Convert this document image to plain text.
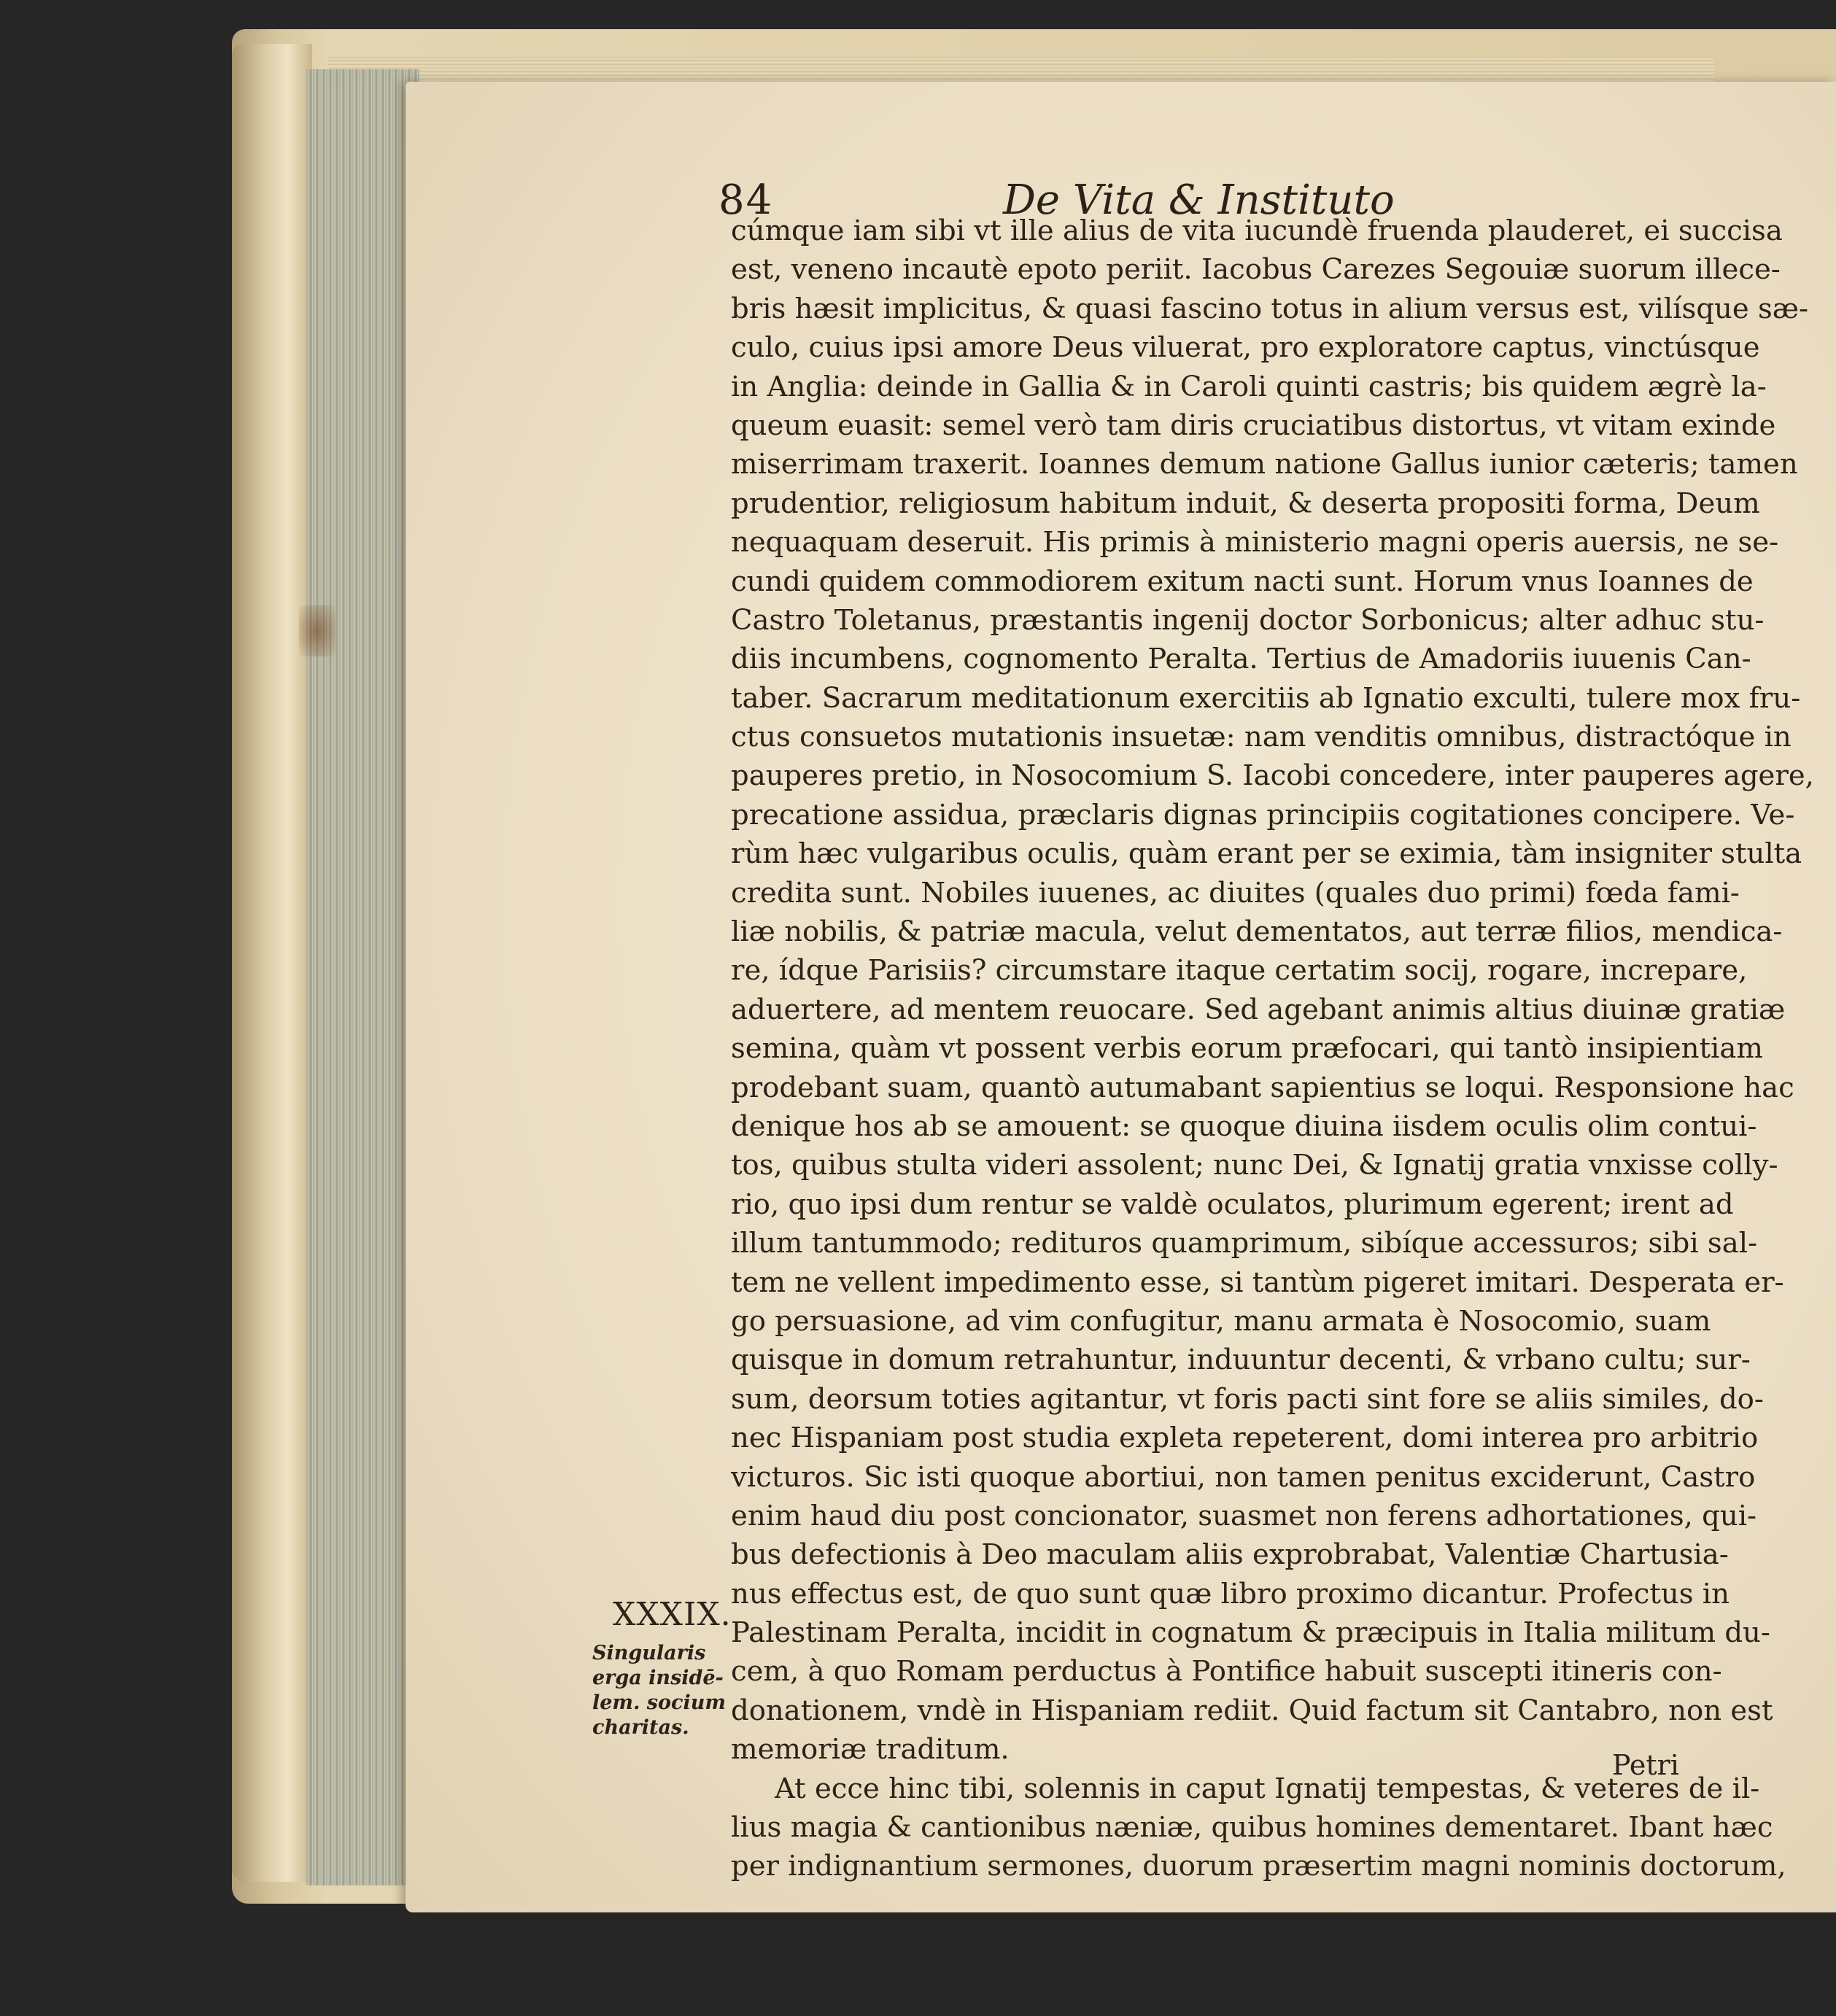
84	De Vita & Instituto
cúmque iam sibi vt ille alius de vita iucundè fruenda plauderet, ei succisa
est, veneno incautè epoto periit. Iacobus Carezes Segouiæ suorum illece-
bris hæsit implicitus, & quasi fascino totus in alium versus est, vilísque sæ-
culo, cuius ipsi amore Deus viluerat, pro exploratore captus, vinctúsque
in Anglia: deinde in Gallia & in Caroli quinti castris; bis quidem ægrè la-
queum euasit: semel verò tam diris cruciatibus distortus, vt vitam exinde
miserrimam traxerit. Ioannes demum natione Gallus iunior cæteris; tamen
prudentior, religiosum habitum induit, & deserta propositi forma, Deum
nequaquam deseruit. His primis à ministerio magni operis auersis, ne se-
cundi quidem commodiorem exitum nacti sunt. Horum vnus Ioannes de
Castro Toletanus, præstantis ingenij doctor Sorbonicus; alter adhuc stu-
diis incumbens, cognomento Peralta. Tertius de Amadoriis iuuenis Can-
taber. Sacrarum meditationum exercitiis ab Ignatio exculti, tulere mox fru-
ctus consuetos mutationis insuetæ: nam venditis omnibus, distractóque in
pauperes pretio, in Nosocomium S. Iacobi concedere, inter pauperes agere,
precatione assidua, præclaris dignas principiis cogitationes concipere. Ve-
rùm hæc vulgaribus oculis, quàm erant per se eximia, tàm insigniter stulta
credita sunt. Nobiles iuuenes, ac diuites (quales duo primi) fœda fami-
liæ nobilis, & patriæ macula, velut dementatos, aut terræ filios, mendica-
re, ídque Parisiis? circumstare itaque certatim socij, rogare, increpare,
aduertere, ad mentem reuocare. Sed agebant animis altius diuinæ gratiæ
semina, quàm vt possent verbis eorum præfocari, qui tantò insipientiam
prodebant suam, quantò autumabant sapientius se loqui. Responsione hac
denique hos ab se amouent: se quoque diuina iisdem oculis olim contui-
tos, quibus stulta videri assolent; nunc Dei, & Ignatij gratia vnxisse colly-
rio, quo ipsi dum rentur se valdè oculatos, plurimum egerent; irent ad
illum tantummodo; redituros quamprimum, sibíque accessuros; sibi sal-
tem ne vellent impedimento esse, si tantùm pigeret imitari. Desperata er-
go persuasione, ad vim confugitur, manu armata è Nosocomio, suam
quisque in domum retrahuntur, induuntur decenti, & vrbano cultu; sur-
sum, deorsum toties agitantur, vt foris pacti sint fore se aliis similes, do-
nec Hispaniam post studia expleta repeterent, domi interea pro arbitrio
victuros. Sic isti quoque abortiui, non tamen penitus exciderunt, Castro
enim haud diu post concionator, suasmet non ferens adhortationes, qui-
bus defectionis à Deo maculam aliis exprobrabat, Valentiæ Chartusia-
nus effectus est, de quo sunt quæ libro proximo dicantur. Profectus in
Palestinam Peralta, incidit in cognatum & præcipuis in Italia militum du-
cem, à quo Romam perductus à Pontifice habuit suscepti itineris con-
donationem, vndè in Hispaniam rediit. Quid factum sit Cantabro, non est
memoriæ traditum.
At ecce hinc tibi, solennis in caput Ignatij tempestas, & veteres de il-
lius magia & cantionibus næniæ, quibus homines dementaret. Ibant hæc
per indignantium sermones, duorum præsertim magni nominis doctorum,
XXXIX.
Singularis
erga insidē-
lem. socium
charitas.
Petri
